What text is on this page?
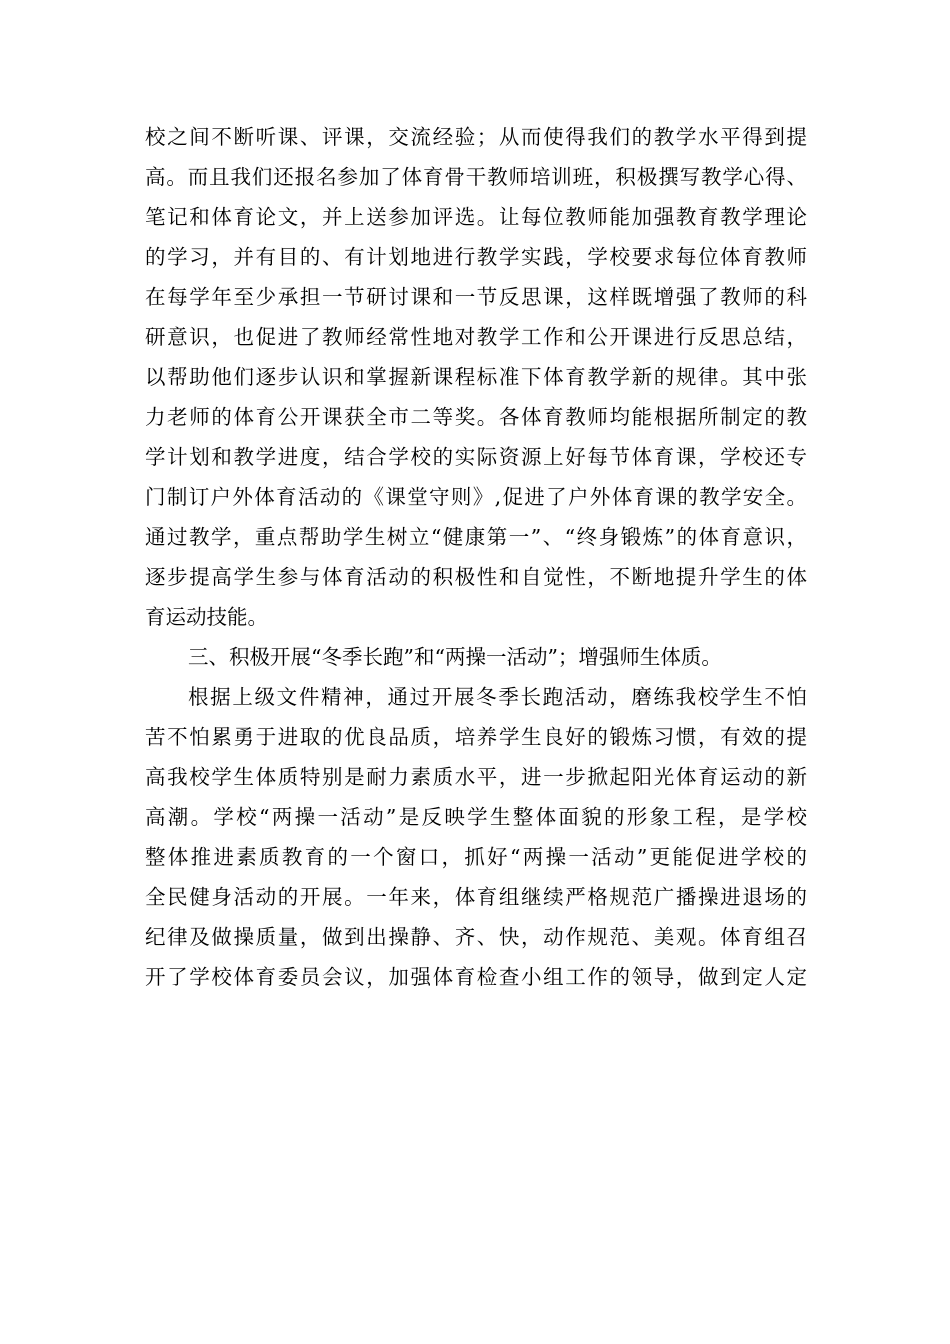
校之间不断听课、评课，交流经验；从而使得我们的教学水平得到提
高。而且我们还报名参加了体育骨干教师培训班，积极撰写教学心得、
笔记和体育论文，并上送参加评选。让每位教师能加强教育教学理论
的学习，并有目的、有计划地进行教学实践，学校要求每位体育教师
在每学年至少承担一节研讨课和一节反思课，这样既增强了教师的科
研意识，也促进了教师经常性地对教学工作和公开课进行反思总结，
以帮助他们逐步认识和掌握新课程标准下体育教学新的规律。其中张
力老师的体育公开课获全市二等奖。各体育教师均能根据所制定的教
学计划和教学进度，结合学校的实际资源上好每节体育课，学校还专
门制订户外体育活动的《课堂守则》,促进了户外体育课的教学安全。
通过教学，重点帮助学生树立“健康第一”、“终身锻炼”的体育意识，
逐步提高学生参与体育活动的积极性和自觉性，不断地提升学生的体
育运动技能。
三、积极开展“冬季长跑”和“两操一活动”；增强师生体质。
根据上级文件精神，通过开展冬季长跑活动，磨练我校学生不怕
苦不怕累勇于进取的优良品质，培养学生良好的锻炼习惯，有效的提
高我校学生体质特别是耐力素质水平，进一步掀起阳光体育运动的新
高潮。学校“两操一活动”是反映学生整体面貌的形象工程，是学校
整体推进素质教育的一个窗口，抓好“两操一活动”更能促进学校的
全民健身活动的开展。一年来，体育组继续严格规范广播操进退场的
纪律及做操质量，做到出操静、齐、快，动作规范、美观。体育组召
开了学校体育委员会议，加强体育检查小组工作的领导，做到定人定
